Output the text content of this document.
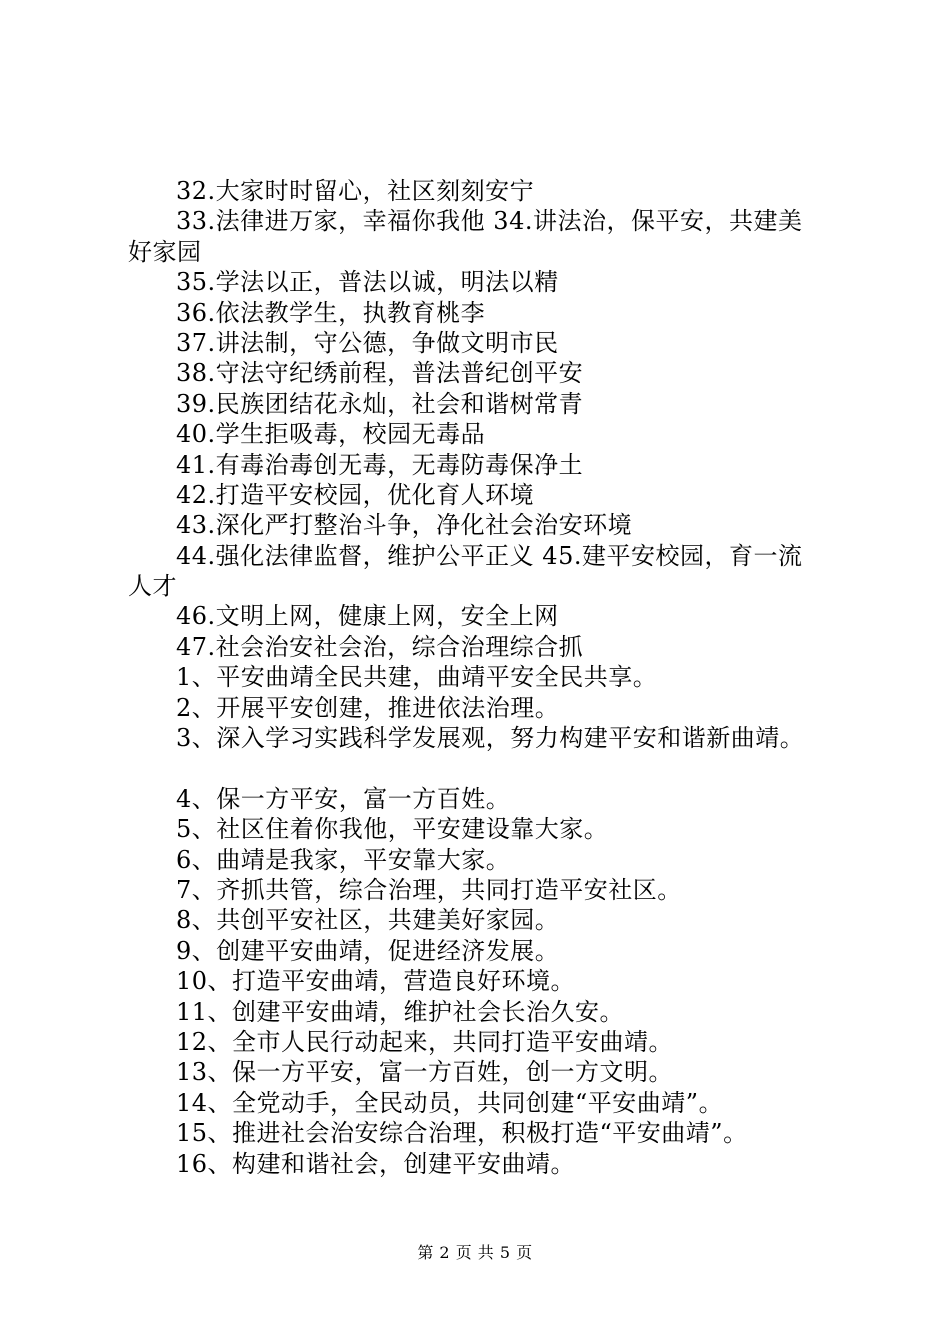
32.大家时时留心，社区刻刻安宁
33.法律进万家，幸福你我他 34.讲法治，保平安，共建美
好家园
35.学法以正，普法以诚，明法以精
36.依法教学生，执教育桃李
37.讲法制，守公德，争做文明市民
38.守法守纪绣前程，普法普纪创平安
39.民族团结花永灿，社会和谐树常青
40.学生拒吸毒，校园无毒品
41.有毒治毒创无毒，无毒防毒保净土
42.打造平安校园，优化育人环境
43.深化严打整治斗争，净化社会治安环境
44.强化法律监督，维护公平正义 45.建平安校园，育一流
人才
46.文明上网，健康上网，安全上网
47.社会治安社会治，综合治理综合抓
1、平安曲靖全民共建，曲靖平安全民共享。
2、开展平安创建，推进依法治理。
3、深入学习实践科学发展观，努力构建平安和谐新曲靖。
4、保一方平安，富一方百姓。
5、社区住着你我他，平安建设靠大家。
6、曲靖是我家，平安靠大家。
7、齐抓共管，综合治理，共同打造平安社区。
8、共创平安社区，共建美好家园。
9、创建平安曲靖，促进经济发展。
10、打造平安曲靖，营造良好环境。
11、创建平安曲靖，维护社会长治久安。
12、全市人民行动起来，共同打造平安曲靖。
13、保一方平安，富一方百姓，创一方文明。
14、全党动手，全民动员，共同创建“平安曲靖”。
15、推进社会治安综合治理，积极打造“平安曲靖”。
16、构建和谐社会，创建平安曲靖。
第 2 页 共 5 页
